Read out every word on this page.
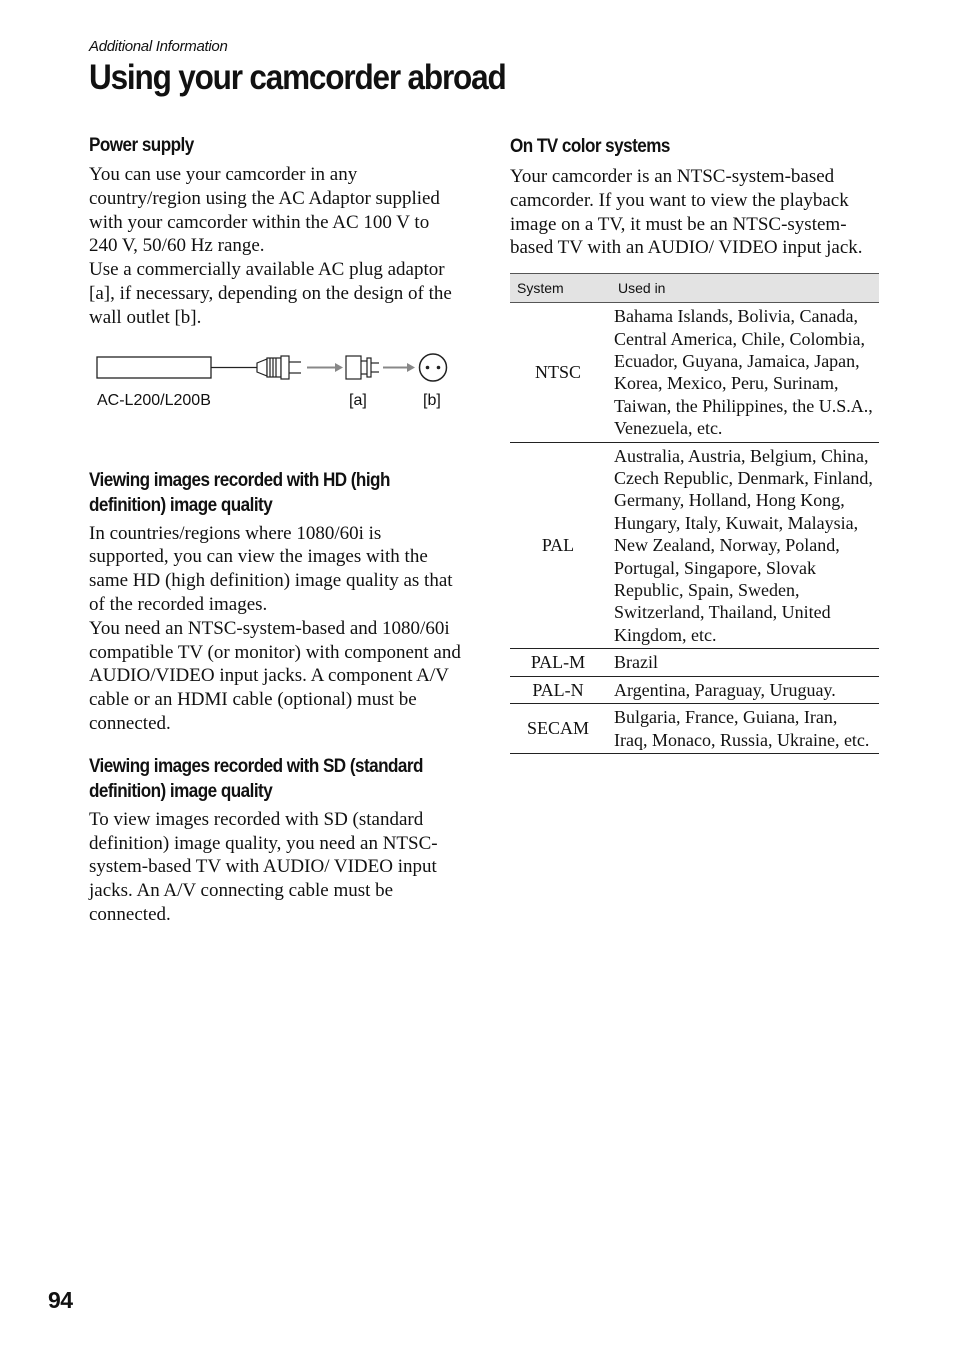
Additional Information
Using your camcorder abroad
Power supply

You can use your camcorder in any country/region using the AC Adaptor supplied with your camcorder within the AC 100 V to 240 V, 50/60 Hz range.

Use a commercially available AC plug adaptor [a], if necessary, depending on the design of the wall outlet [b].

AC-L200/L200B	[a]	[b]
Viewing images recorded with HD (high definition) image quality

In countries/regions where 1080/60i is supported, you can view the images with the same HD (high definition) image quality as that of the recorded images.

You need an NTSC-system-based and 1080/60i compatible TV (or monitor) with component and AUDIO/VIDEO input jacks. A component A/V cable or an HDMI cable (optional) must be connected.

Viewing images recorded with SD (standard definition) image quality

To view images recorded with SD (standard definition) image quality, you need an NTSC-system-based TV with AUDIO/ VIDEO input jacks. An A/V connecting cable must be connected.

On TV color systems

Your camcorder is an NTSC-system-based camcorder. If you want to view the playback image on a TV, it must be an NTSC-system-based TV with an AUDIO/ VIDEO input jack.

System	Used in
NTSC	Bahama Islands, Bolivia, Canada, Central America, Chile, Colombia, Ecuador, Guyana, Jamaica, Japan, Korea, Mexico, Peru, Surinam, Taiwan, the Philippines, the U.S.A., Venezuela, etc.
PAL	Australia, Austria, Belgium, China, Czech Republic, Denmark, Finland, Germany, Holland, Hong Kong, Hungary, Italy, Kuwait, Malaysia, New Zealand, Norway, Poland, Portugal, Singapore, Slovak Republic, Spain, Sweden, Switzerland, Thailand, United Kingdom, etc.
PAL-M	Brazil
PAL-N	Argentina, Paraguay, Uruguay.
SECAM	Bulgaria, France, Guiana, Iran, Iraq, Monaco, Russia, Ukraine, etc.
94
